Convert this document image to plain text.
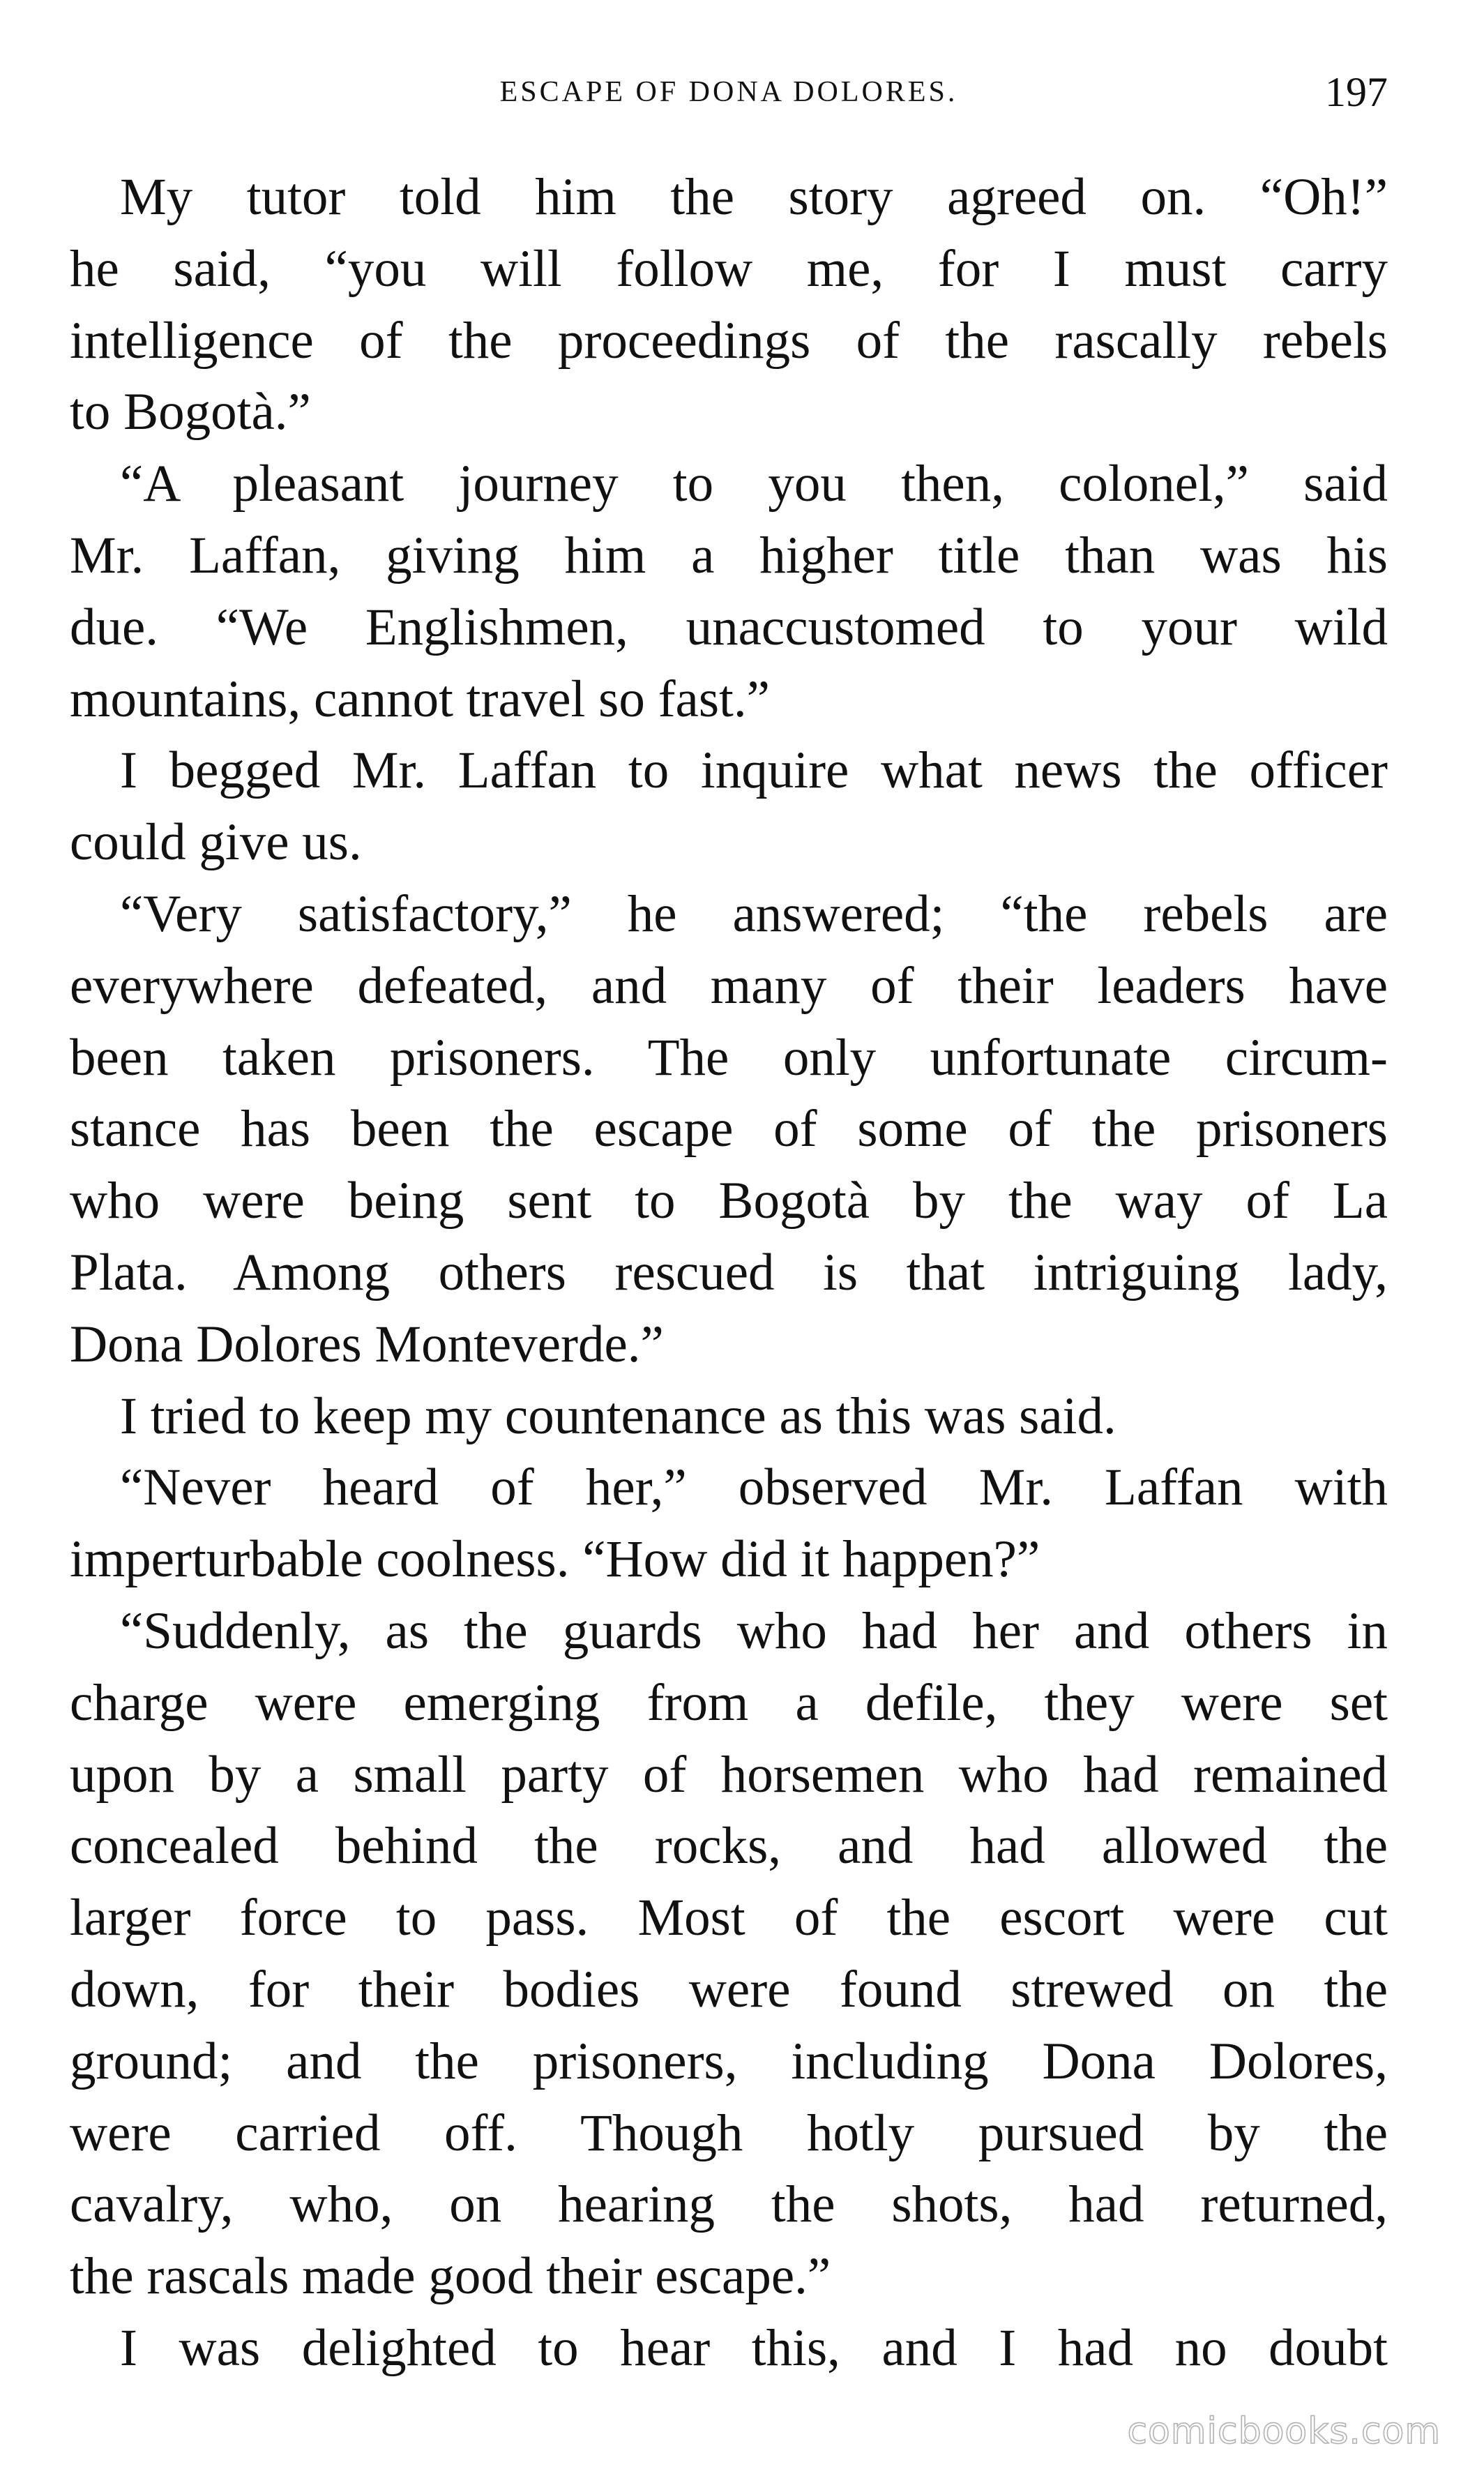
ESCAPE OF DONA DOLORES.	197
My tutor told him the story agreed on. “Oh!”
he said, “you will follow me, for I must carry
intelligence of the proceedings of the rascally rebels
to Bogotà.”
“A pleasant journey to you then, colonel,” said
Mr. Laffan, giving him a higher title than was his
due. “We Englishmen, unaccustomed to your wild
mountains, cannot travel so fast.”
I begged Mr. Laffan to inquire what news the officer
could give us.
“Very satisfactory,” he answered; “the rebels are
everywhere defeated, and many of their leaders have
been taken prisoners. The only unfortunate circum-
stance has been the escape of some of the prisoners
who were being sent to Bogotà by the way of La
Plata. Among others rescued is that intriguing lady,
Dona Dolores Monteverde.”
I tried to keep my countenance as this was said.
“Never heard of her,” observed Mr. Laffan with
imperturbable coolness. “How did it happen?”
“Suddenly, as the guards who had her and others in
charge were emerging from a defile, they were set
upon by a small party of horsemen who had remained
concealed behind the rocks, and had allowed the
larger force to pass. Most of the escort were cut
down, for their bodies were found strewed on the
ground; and the prisoners, including Dona Dolores,
were carried off. Though hotly pursued by the
cavalry, who, on hearing the shots, had returned,
the rascals made good their escape.”
I was delighted to hear this, and I had no doubt
comicbooks.com
